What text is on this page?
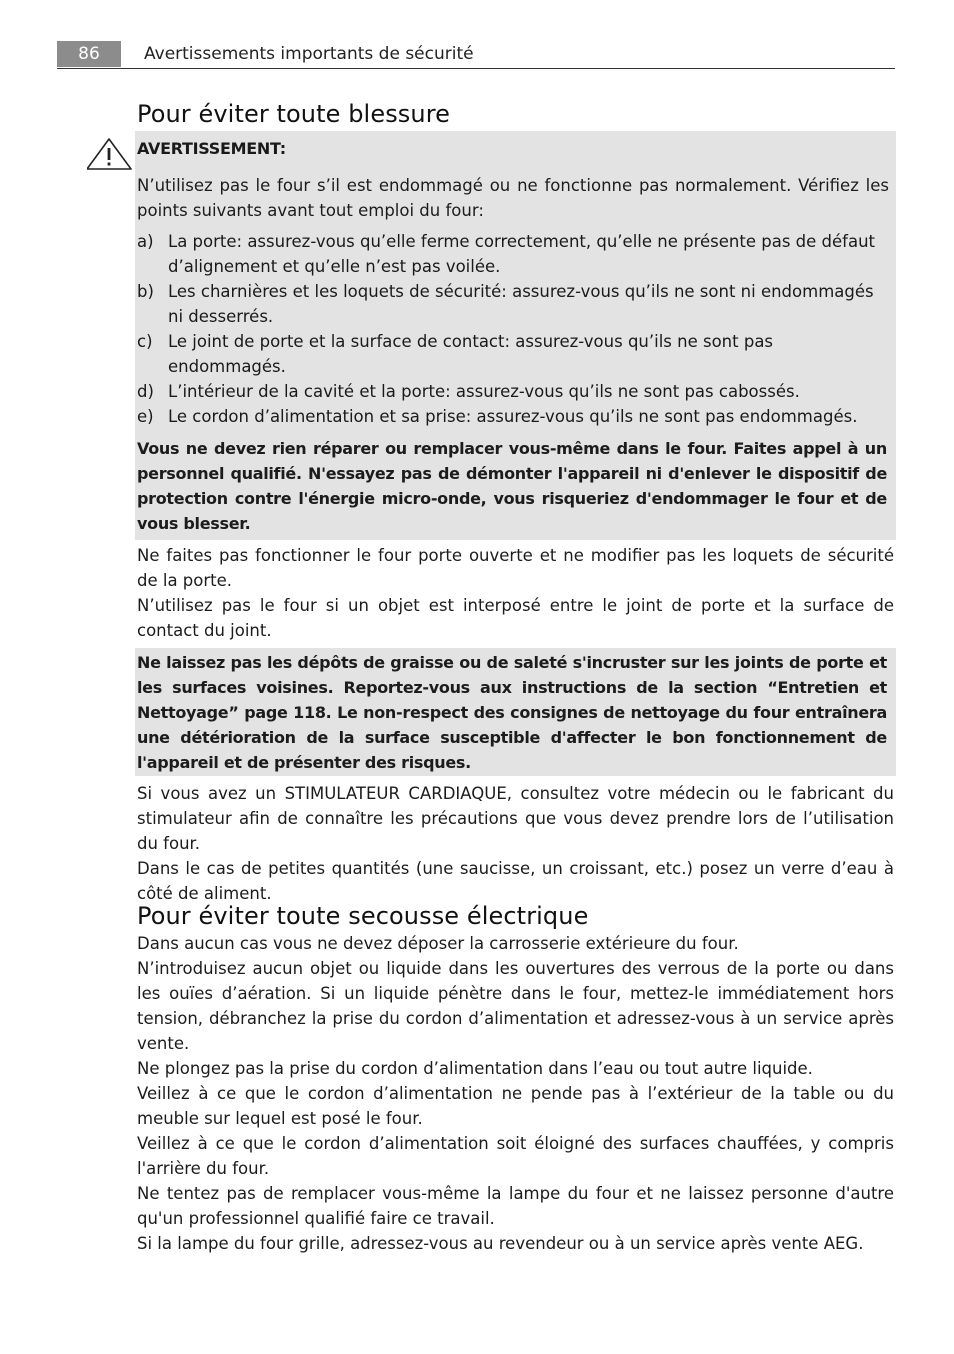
86	Avertissements importants de sécurité
Pour éviter toute blessure
AVERTISSEMENT:
N’utilisez pas le four s’il est endommagé ou ne fonctionne pas normalement. Vérifiez les points suivants avant tout emploi du four:
a) La porte: assurez-vous qu’elle ferme correctement, qu’elle ne présente pas de défaut d’alignement et qu’elle n’est pas voilée.
b) Les charnières et les loquets de sécurité: assurez-vous qu’ils ne sont ni endommagés ni desserrés.
c) Le joint de porte et la surface de contact: assurez-vous qu’ils ne sont pas endommagés.
d) L’intérieur de la cavité et la porte: assurez-vous qu’ils ne sont pas cabossés.
e) Le cordon d’alimentation et sa prise: assurez-vous qu’ils ne sont pas endommagés.
Vous ne devez rien réparer ou remplacer vous-même dans le four. Faites appel à un personnel qualifié. N'essayez pas de démonter l'appareil ni d'enlever le dispositif de protection contre l'énergie micro-onde, vous risqueriez d'endommager le four et de vous blesser.
Ne faites pas fonctionner le four porte ouverte et ne modifier pas les loquets de sécurité de la porte.
N’utilisez pas le four si un objet est interposé entre le joint de porte et la surface de contact du joint.
Ne laissez pas les dépôts de graisse ou de saleté s'incruster sur les joints de porte et les surfaces voisines. Reportez-vous aux instructions de la section “Entretien et Nettoyage” page 118. Le non-respect des consignes de nettoyage du four entraînera une détérioration de la surface susceptible d'affecter le bon fonctionnement de l'appareil et de présenter des risques.
Si vous avez un STIMULATEUR CARDIAQUE, consultez votre médecin ou le fabricant du stimulateur afin de connaître les précautions que vous devez prendre lors de l’utilisation du four.
Dans le cas de petites quantités (une saucisse, un croissant, etc.) posez un verre d’eau à côté de aliment.
Pour éviter toute secousse électrique

Dans aucun cas vous ne devez déposer la carrosserie extérieure du four.

N’introduisez aucun objet ou liquide dans les ouvertures des verrous de la porte ou dans les ouïes d’aération. Si un liquide pénètre dans le four, mettez-le immédiatement hors tension, débranchez la prise du cordon d’alimentation et adressez-vous à un service après vente.

Ne plongez pas la prise du cordon d’alimentation dans l’eau ou tout autre liquide.

Veillez à ce que le cordon d’alimentation ne pende pas à l’extérieur de la table ou du meuble sur lequel est posé le four.

Veillez à ce que le cordon d’alimentation soit éloigné des surfaces chauffées, y compris l'arrière du four.

Ne tentez pas de remplacer vous-même la lampe du four et ne laissez personne d'autre qu'un professionnel qualifié faire ce travail.

Si la lampe du four grille, adressez-vous au revendeur ou à un service après vente AEG.
